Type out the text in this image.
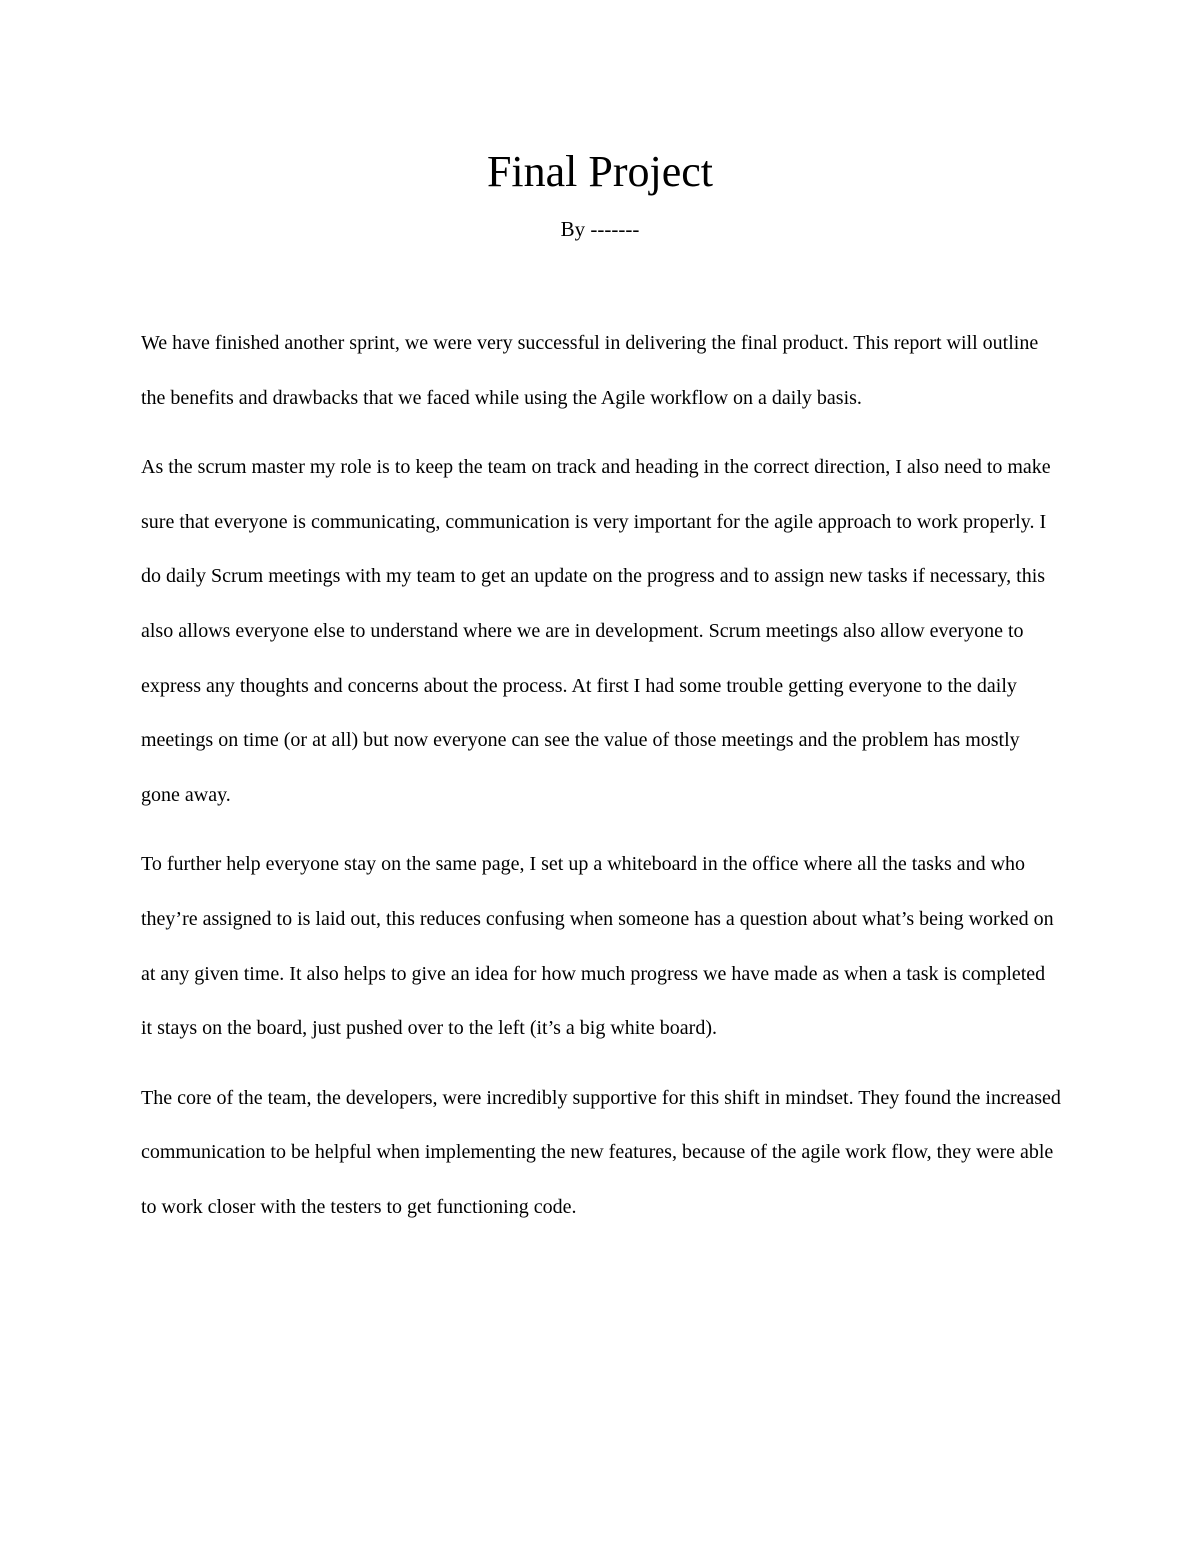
Final Project

By -------

We have finished another sprint, we were very successful in delivering the final product. This report will outline the benefits and drawbacks that we faced while using the Agile workflow on a daily basis.

As the scrum master my role is to keep the team on track and heading in the correct direction, I also need to make sure that everyone is communicating, communication is very important for the agile approach to work properly. I do daily Scrum meetings with my team to get an update on the progress and to assign new tasks if necessary, this also allows everyone else to understand where we are in development. Scrum meetings also allow everyone to express any thoughts and concerns about the process. At first I had some trouble getting everyone to the daily meetings on time (or at all) but now everyone can see the value of those meetings and the problem has mostly gone away.

To further help everyone stay on the same page, I set up a whiteboard in the office where all the tasks and who they’re assigned to is laid out, this reduces confusing when someone has a question about what’s being worked on at any given time. It also helps to give an idea for how much progress we have made as when a task is completed it stays on the board, just pushed over to the left (it’s a big white board).

The core of the team, the developers, were incredibly supportive for this shift in mindset. They found the increased communication to be helpful when implementing the new features, because of the agile work flow, they were able to work closer with the testers to get functioning code.
